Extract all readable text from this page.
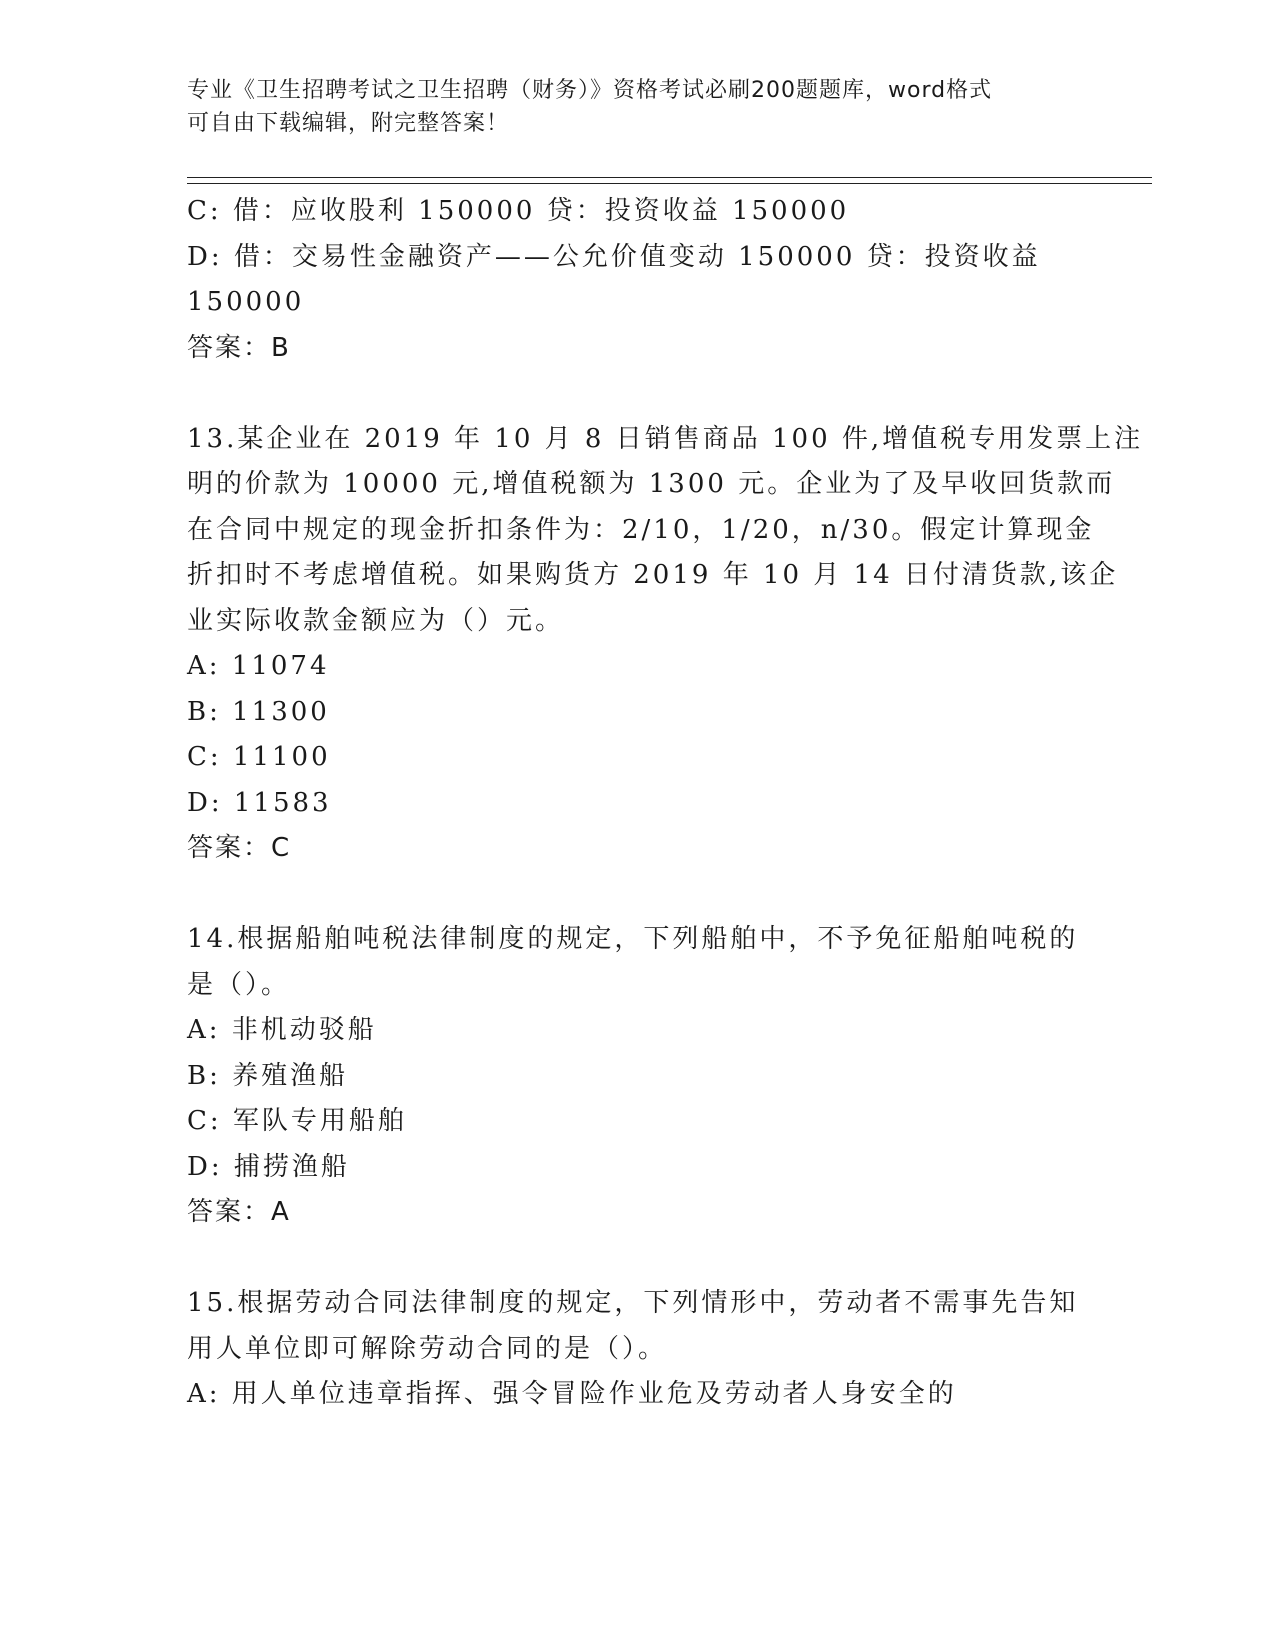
专业《卫生招聘考试之卫生招聘（财务）》资格考试必刷200题题库，word格式
可自由下载编辑，附完整答案！
C: 借：应收股利 150000 贷：投资收益 150000
D: 借：交易性金融资产——公允价值变动 150000 贷：投资收益
150000
答案：B
13.某企业在 2019 年 10 月 8 日销售商品 100 件,增值税专用发票上注
明的价款为 10000 元,增值税额为 1300 元。企业为了及早收回货款而
在合同中规定的现金折扣条件为：2/10，1/20，n/30。假定计算现金
折扣时不考虑增值税。如果购货方 2019 年 10 月 14 日付清货款,该企
业实际收款金额应为（）元。
A: 11074
B: 11300
C: 11100
D: 11583
答案：C
14.根据船舶吨税法律制度的规定，下列船舶中，不予免征船舶吨税的
是（）。
A: 非机动驳船
B: 养殖渔船
C: 军队专用船舶
D: 捕捞渔船
答案：A
15.根据劳动合同法律制度的规定，下列情形中，劳动者不需事先告知
用人单位即可解除劳动合同的是（）。
A: 用人单位违章指挥、强令冒险作业危及劳动者人身安全的
